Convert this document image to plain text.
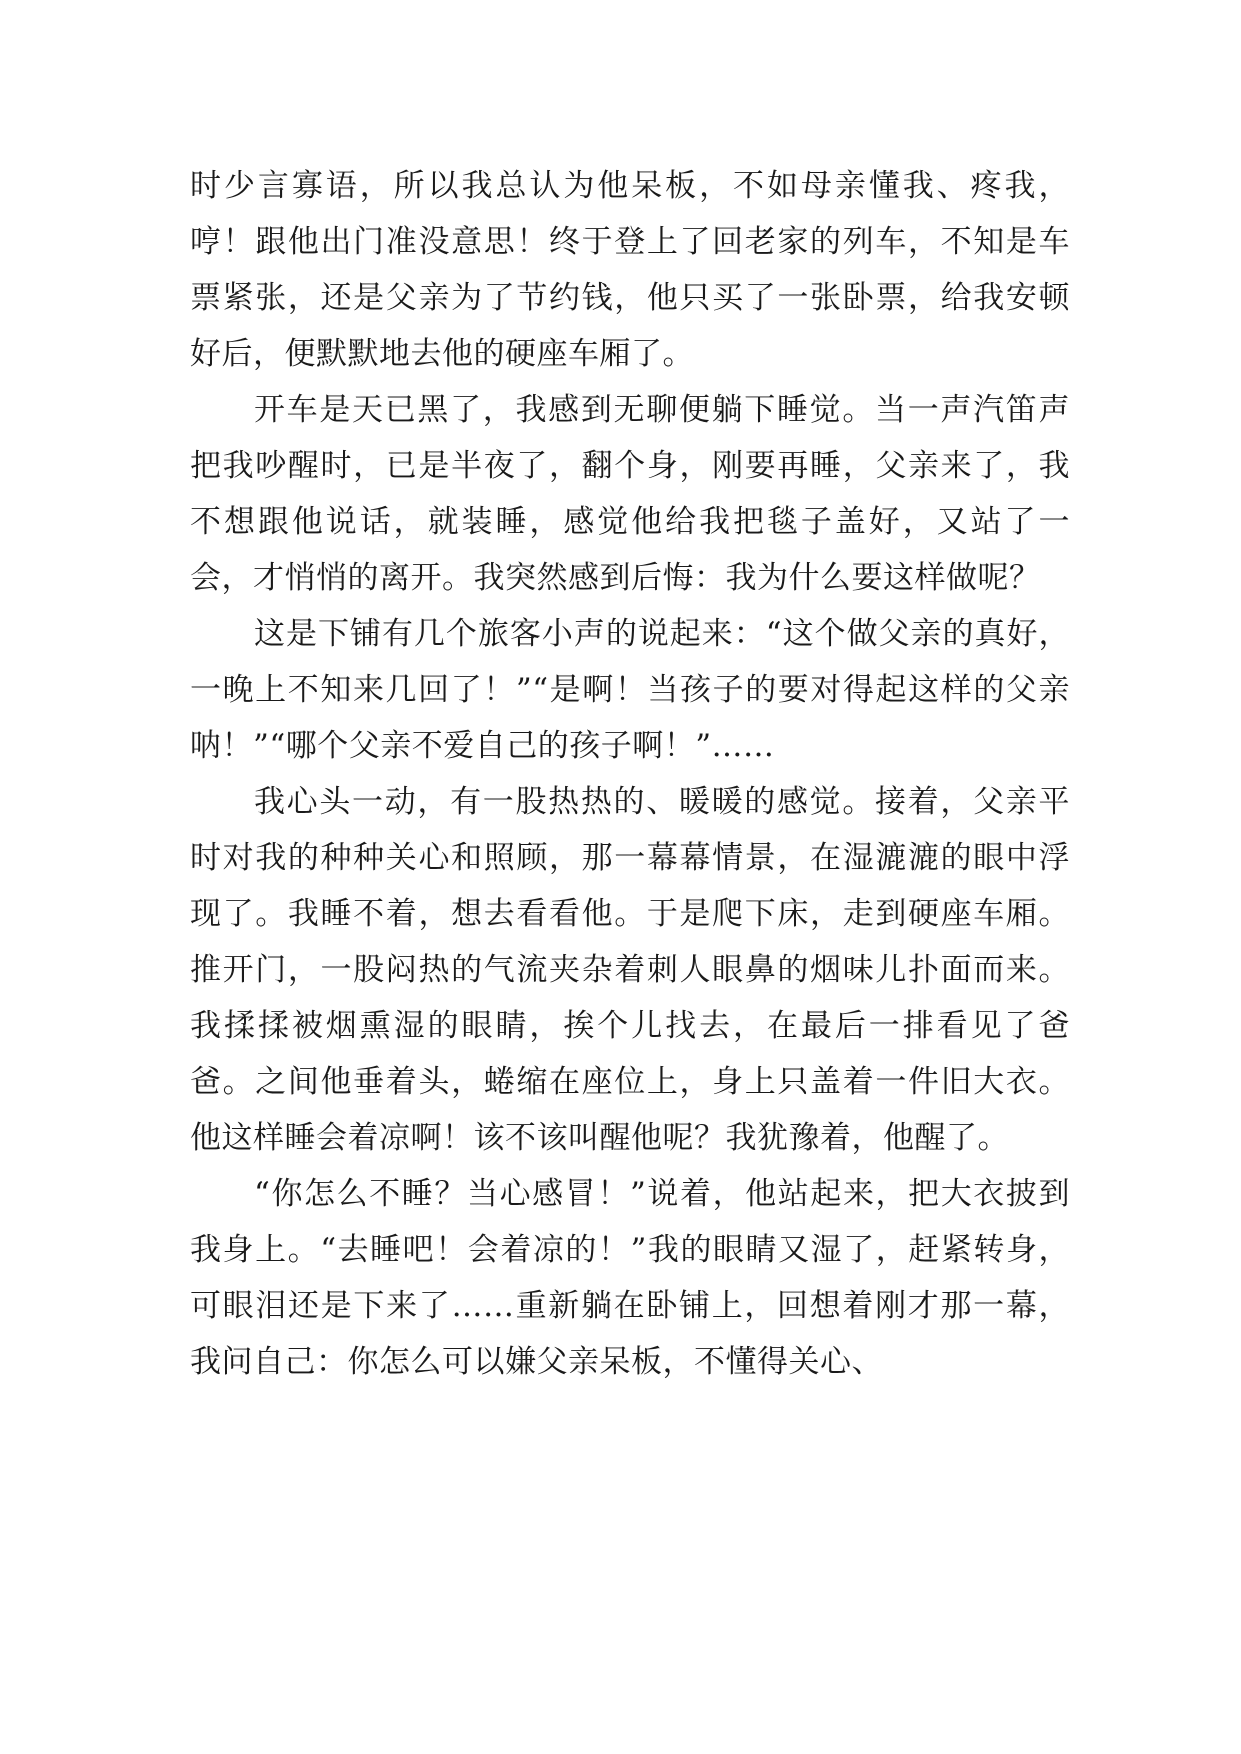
时少言寡语，所以我总认为他呆板，不如母亲懂我、疼我，哼！跟他出门准没意思！终于登上了回老家的列车，不知是车票紧张，还是父亲为了节约钱，他只买了一张卧票，给我安顿好后，便默默地去他的硬座车厢了。

开车是天已黑了，我感到无聊便躺下睡觉。当一声汽笛声把我吵醒时，已是半夜了，翻个身，刚要再睡，父亲来了，我不想跟他说话，就装睡，感觉他给我把毯子盖好，又站了一会，才悄悄的离开。我突然感到后悔：我为什么要这样做呢？

这是下铺有几个旅客小声的说起来：“这个做父亲的真好，一晚上不知来几回了！”“是啊！当孩子的要对得起这样的父亲呐！”“哪个父亲不爱自己的孩子啊！”……

我心头一动，有一股热热的、暖暖的感觉。接着，父亲平时对我的种种关心和照顾，那一幕幕情景，在湿漉漉的眼中浮现了。我睡不着，想去看看他。于是爬下床，走到硬座车厢。推开门，一股闷热的气流夹杂着刺人眼鼻的烟味儿扑面而来。我揉揉被烟熏湿的眼睛，挨个儿找去，在最后一排看见了爸爸。之间他垂着头，蜷缩在座位上，身上只盖着一件旧大衣。他这样睡会着凉啊！该不该叫醒他呢？我犹豫着，他醒了。

“你怎么不睡？当心感冒！”说着，他站起来，把大衣披到我身上。“去睡吧！会着凉的！”我的眼睛又湿了，赶紧转身，可眼泪还是下来了……重新躺在卧铺上，回想着刚才那一幕，我问自己：你怎么可以嫌父亲呆板，不懂得关心、
